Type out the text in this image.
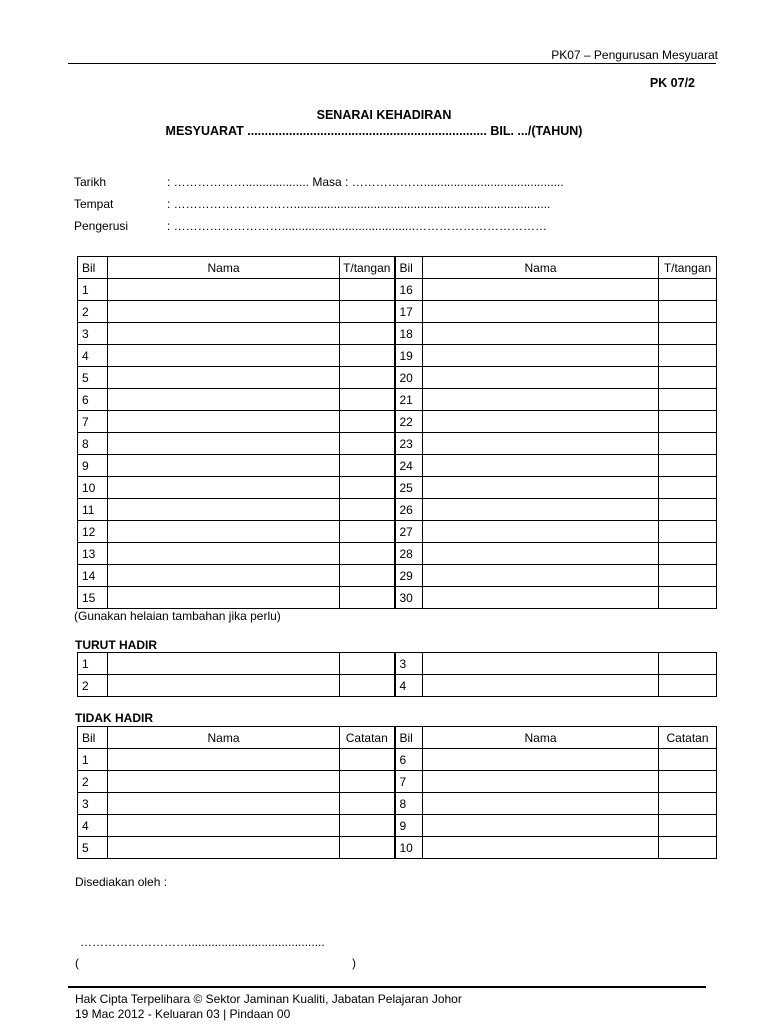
PK07 – Pengurusan Mesyuarat
PK 07/2
SENARAI KEHADIRAN
MESYUARAT ..................................................................... BIL. .../(TAHUN)
Tarikh	: ………………................... Masa : ………………..........................................
Tempat	: ………………………….............................................................................
Pengerusi	: ………………………........................................……………………………
Bil	Nama	T/tangan	Bil	Nama	T/tangan
1			16		
2			17		
3			18		
4			19		
5			20		
6			21		
7			22		
8			23		
9			24		
10			25		
11			26		
12			27		
13			28		
14			29		
15			30		
(Gunakan helaian tambahan jika perlu)
TURUT HADIR
1			3		
2			4		
TIDAK HADIR
Bil	Nama	Catatan	Bil	Nama	Catatan
1			6		
2			7		
3			8		
4			9		
5			10		
Disediakan oleh :
……………………….........................................
(	)
Hak Cipta Terpelihara © Sektor Jaminan Kualiti, Jabatan Pelajaran Johor
19 Mac 2012 - Keluaran 03 | Pindaan 00
